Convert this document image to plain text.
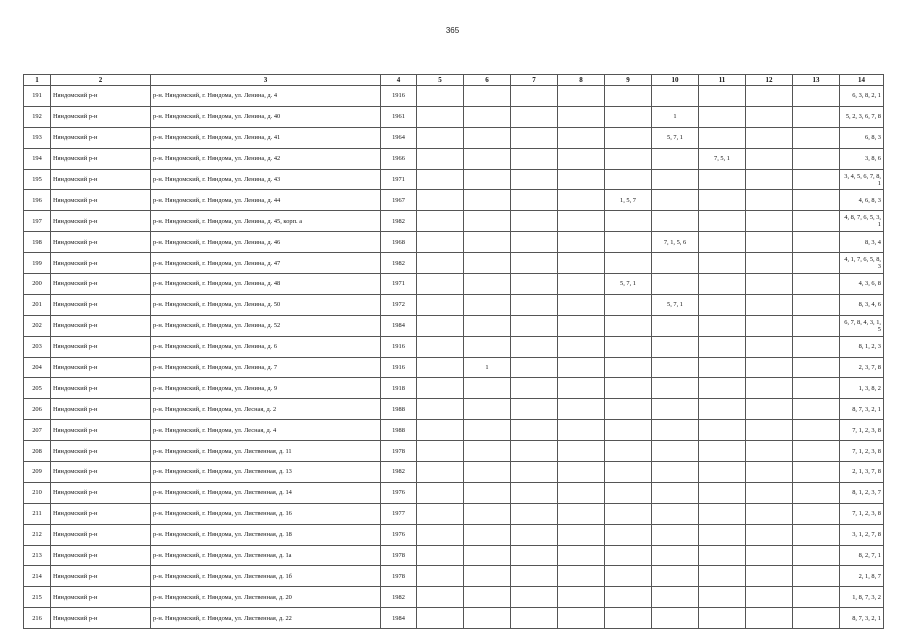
365
1	2	3	4	5	6	7	8	9	10	11	12	13	14
191	Няндомский р-н	р-н. Няндомский, г. Няндома, ул. Ленина, д. 4	1916										6, 3, 8, 2, 1
192	Няндомский р-н	р-н. Няндомский, г. Няндома, ул. Ленина, д. 40	1961						1				5, 2, 3, 6, 7, 8
193	Няндомский р-н	р-н. Няндомский, г. Няндома, ул. Ленина, д. 41	1964						5, 7, 1				6, 8, 3
194	Няндомский р-н	р-н. Няндомский, г. Няндома, ул. Ленина, д. 42	1966							7, 5, 1			3, 8, 6
195	Няндомский р-н	р-н. Няндомский, г. Няндома, ул. Ленина, д. 43	1971										3, 4, 5, 6, 7, 8, 1
196	Няндомский р-н	р-н. Няндомский, г. Няндома, ул. Ленина, д. 44	1967					1, 5, 7					4, 6, 8, 3
197	Няндомский р-н	р-н. Няндомский, г. Няндома, ул. Ленина, д. 45, корп. а	1982										4, 8, 7, 6, 5, 3, 1
198	Няндомский р-н	р-н. Няндомский, г. Няндома, ул. Ленина, д. 46	1968						7, 1, 5, 6				8, 3, 4
199	Няндомский р-н	р-н. Няндомский, г. Няндома, ул. Ленина, д. 47	1982										4, 1, 7, 6, 5, 8, 3
200	Няндомский р-н	р-н. Няндомский, г. Няндома, ул. Ленина, д. 48	1971					5, 7, 1					4, 3, 6, 8
201	Няндомский р-н	р-н. Няндомский, г. Няндома, ул. Ленина, д. 50	1972						5, 7, 1				8, 3, 4, 6
202	Няндомский р-н	р-н. Няндомский, г. Няндома, ул. Ленина, д. 52	1984										6, 7, 8, 4, 3, 1, 5
203	Няндомский р-н	р-н. Няндомский, г. Няндома, ул. Ленина, д. 6	1916										8, 1, 2, 3
204	Няндомский р-н	р-н. Няндомский, г. Няндома, ул. Ленина, д. 7	1916		1								2, 3, 7, 8
205	Няндомский р-н	р-н. Няндомский, г. Няндома, ул. Ленина, д. 9	1918										1, 3, 8, 2
206	Няндомский р-н	р-н. Няндомский, г. Няндома, ул. Лесная, д. 2	1988										8, 7, 3, 2, 1
207	Няндомский р-н	р-н. Няндомский, г. Няндома, ул. Лесная, д. 4	1988										7, 1, 2, 3, 8
208	Няндомский р-н	р-н. Няндомский, г. Няндома, ул. Лиственная, д. 11	1978										7, 1, 2, 3, 8
209	Няндомский р-н	р-н. Няндомский, г. Няндома, ул. Лиственная, д. 13	1982										2, 1, 3, 7, 8
210	Няндомский р-н	р-н. Няндомский, г. Няндома, ул. Лиственная, д. 14	1976										8, 1, 2, 3, 7
211	Няндомский р-н	р-н. Няндомский, г. Няндома, ул. Лиственная, д. 16	1977										7, 1, 2, 3, 8
212	Няндомский р-н	р-н. Няндомский, г. Няндома, ул. Лиственная, д. 18	1976										3, 1, 2, 7, 8
213	Няндомский р-н	р-н. Няндомский, г. Няндома, ул. Лиственная, д. 1а	1978										8, 2, 7, 1
214	Няндомский р-н	р-н. Няндомский, г. Няндома, ул. Лиственная, д. 1б	1978										2, 1, 8, 7
215	Няндомский р-н	р-н. Няндомский, г. Няндома, ул. Лиственная, д. 20	1982										1, 8, 7, 3, 2
216	Няндомский р-н	р-н. Няндомский, г. Няндома, ул. Лиственная, д. 22	1984										8, 7, 3, 2, 1
